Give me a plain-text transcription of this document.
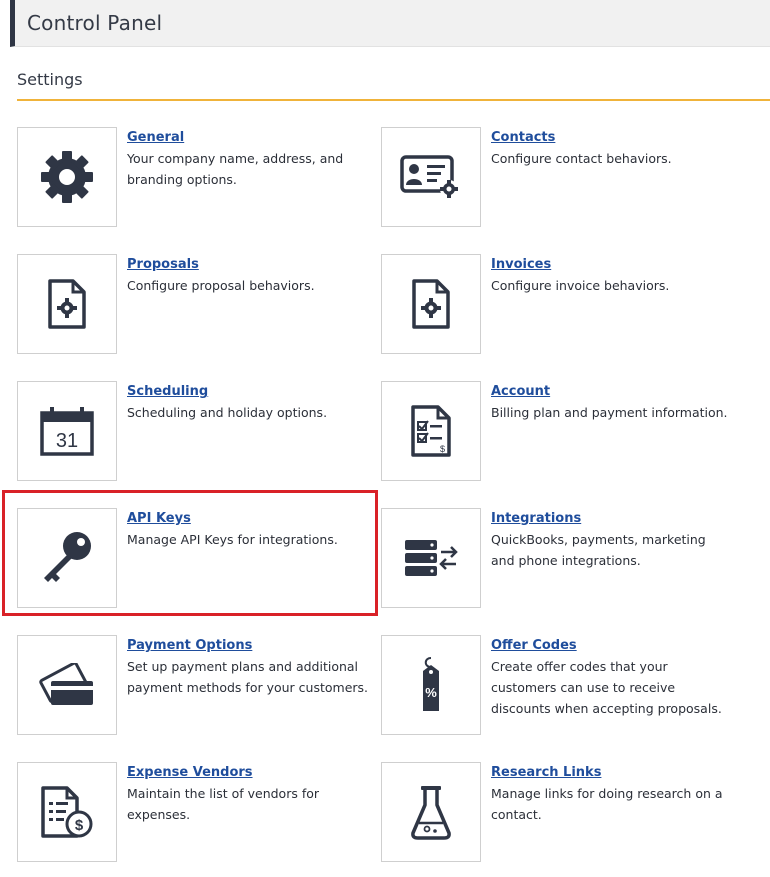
Control Panel
Settings
General
Your company name, address, and branding options.
Contacts
Configure contact behaviors.
Proposals
Configure proposal behaviors.
Invoices
Configure invoice behaviors.
31
Scheduling
Scheduling and holiday options.
$
Account
Billing plan and payment information.
API Keys
Manage API Keys for integrations.
Integrations
QuickBooks, payments, marketing and phone integrations.
Payment Options
Set up payment plans and additional payment methods for your customers.	%
Offer Codes
Create offer codes that your customers can use to receive discounts when accepting proposals.
$
Expense Vendors
Maintain the list of vendors for expenses.
Research Links
Manage links for doing research on a contact.
